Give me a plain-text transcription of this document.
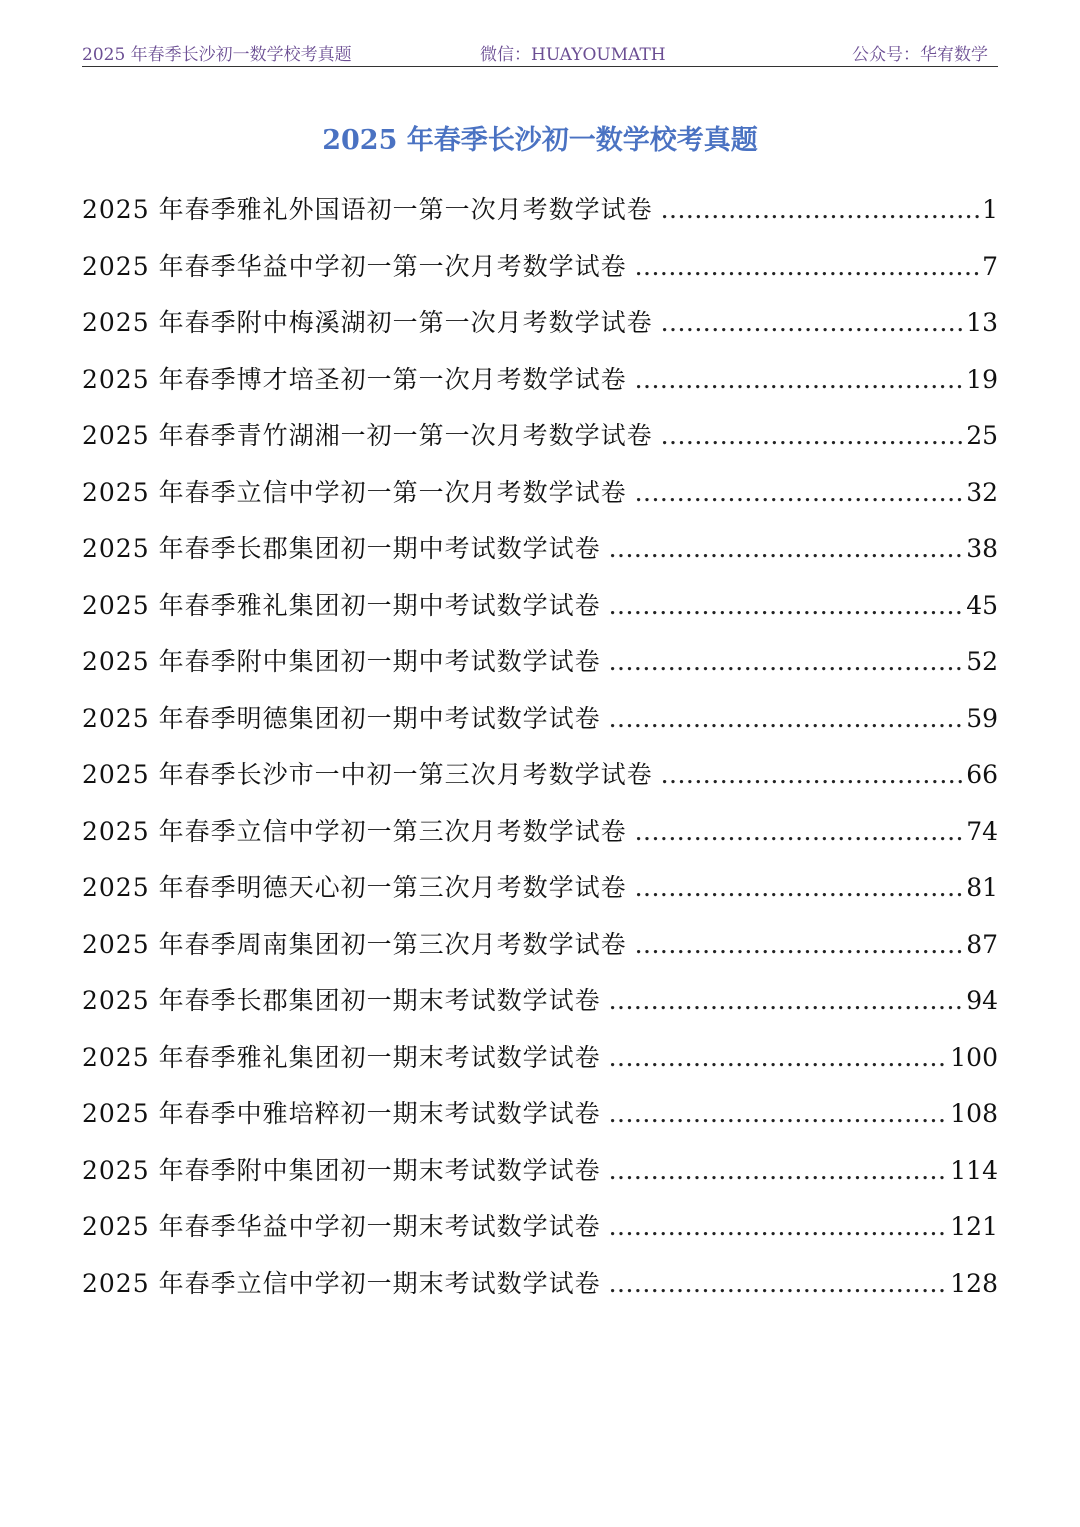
2025 年春季长沙初一数学校考真题	微信：HUAYOUMATH	公众号：华宥数学
2025 年春季长沙初一数学校考真题
2025 年春季雅礼外国语初一第一次月考数学试卷 .....	1
2025 年春季华益中学初一第一次月考数学试卷 .....	7
2025 年春季附中梅溪湖初一第一次月考数学试卷 .....	13
2025 年春季博才培圣初一第一次月考数学试卷 .....	19
2025 年春季青竹湖湘一初一第一次月考数学试卷 .....	25
2025 年春季立信中学初一第一次月考数学试卷 .....	32
2025 年春季长郡集团初一期中考试数学试卷 .....	38
2025 年春季雅礼集团初一期中考试数学试卷 .....	45
2025 年春季附中集团初一期中考试数学试卷 .....	52
2025 年春季明德集团初一期中考试数学试卷 .....	59
2025 年春季长沙市一中初一第三次月考数学试卷 .....	66
2025 年春季立信中学初一第三次月考数学试卷 .....	74
2025 年春季明德天心初一第三次月考数学试卷 .....	81
2025 年春季周南集团初一第三次月考数学试卷 .....	87
2025 年春季长郡集团初一期末考试数学试卷 .....	94
2025 年春季雅礼集团初一期末考试数学试卷 .....	100
2025 年春季中雅培粹初一期末考试数学试卷 .....	108
2025 年春季附中集团初一期末考试数学试卷 .....	114
2025 年春季华益中学初一期末考试数学试卷 .....	121
2025 年春季立信中学初一期末考试数学试卷 .....	128
